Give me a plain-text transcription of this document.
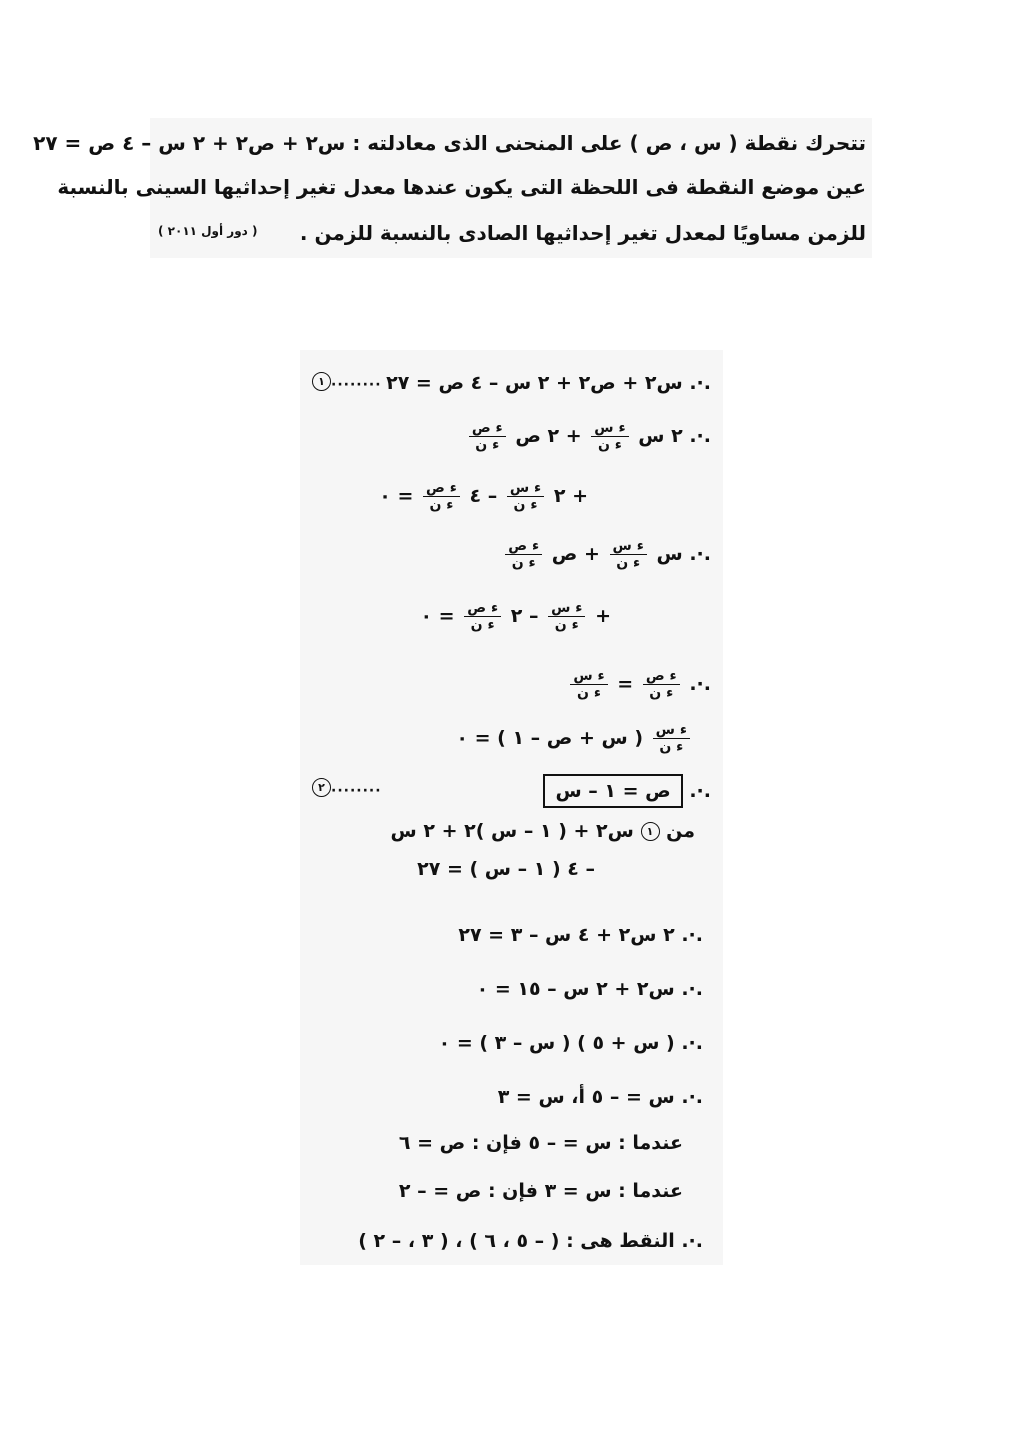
تتحرك نقطة ( س ، ص ) على المنحنى الذى معادلته : س٢ + ص٢ + ٢ س – ٤ ص = ٢٧
عين موضع النقطة فى اللحظة التى يكون عندها معدل تغير إحداثيها السينى بالنسبة
للزمن مساويًا لمعدل تغير إحداثيها الصادى بالنسبة للزمن .
( دور أول ٢٠١١ )
.·. س٢ + ص٢ + ٢ س – ٤ ص = ٢٧
١ ........
.·. ٢ س
$\frac{\text{ء س}}{\text{ء ن}}$
+ ٢ ص
$\frac{\text{ء ص}}{\text{ء ن}}$
+ ٢
$\frac{\text{ء س}}{\text{ء ن}}$
– ٤
$\frac{\text{ء ص}}{\text{ء ن}}$
= ٠
.·. س
$\frac{\text{ء س}}{\text{ء ن}}$
+ ص
$\frac{\text{ء ص}}{\text{ء ن}}$
+
$\frac{\text{ء س}}{\text{ء ن}}$
– ٢
$\frac{\text{ء ص}}{\text{ء ن}}$
= ٠
.·.
$\frac{\text{ء ص}}{\text{ء ن}}$
=
$\frac{\text{ء س}}{\text{ء ن}}$
$\frac{\text{ء س}}{\text{ء ن}}$
( س + ص – ١ ) = ٠
.·. ص = ١ – س
٢ ........
من ١ س٢ + ( ١ – س )٢ + ٢ س
– ٤ ( ١ – س ) = ٢٧
.·. ٢ س٢ + ٤ س – ٣ = ٢٧
.·. س٢ + ٢ س – ١٥ = ٠
.·. ( س + ٥ ) ( س – ٣ ) = ٠
.·. س = – ٥ أ، س = ٣
عندما : س = – ٥ فإن : ص = ٦
عندما : س = ٣ فإن : ص = – ٢
.·. النقط هى : ( – ٥ ، ٦ ) ، ( ٣ ، – ٢ )
